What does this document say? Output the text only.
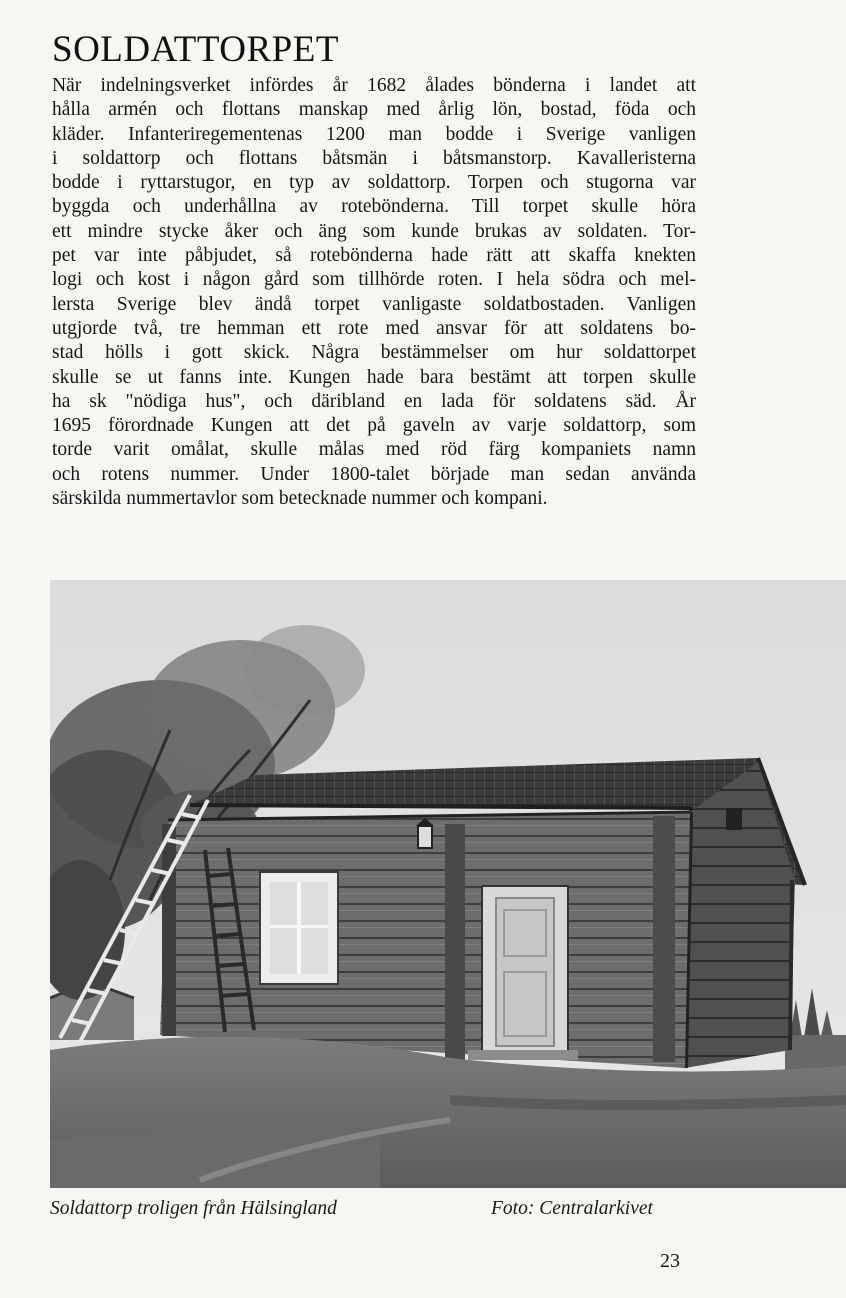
SOLDATTORPET
När indelningsverket infördes år 1682 ålades bönderna i landet att
hålla armén och flottans manskap med årlig lön, bostad, föda och
kläder. Infanteriregementenas 1200 man bodde i Sverige vanligen
i soldattorp och flottans båtsmän i båtsmanstorp. Kavalleristerna
bodde i ryttarstugor, en typ av soldattorp. Torpen och stugorna var
byggda och underhållna av rotebönderna. Till torpet skulle höra
ett mindre stycke åker och äng som kunde brukas av soldaten. Tor-
pet var inte påbjudet, så rotebönderna hade rätt att skaffa knekten
logi och kost i någon gård som tillhörde roten. I hela södra och mel-
lersta Sverige blev ändå torpet vanligaste soldatbostaden. Vanligen
utgjorde två, tre hemman ett rote med ansvar för att soldatens bo-
stad hölls i gott skick. Några bestämmelser om hur soldattorpet
skulle se ut fanns inte. Kungen hade bara bestämt att torpen skulle
ha sk "nödiga hus", och däribland en lada för soldatens säd. År
1695 förordnade Kungen att det på gaveln av varje soldattorp, som
torde varit omålat, skulle målas med röd färg kompaniets namn
och rotens nummer. Under 1800-talet började man sedan använda
särskilda nummertavlor som betecknade nummer och kompani.
Soldattorp troligen från Hälsingland	Foto: Centralarkivet
23
